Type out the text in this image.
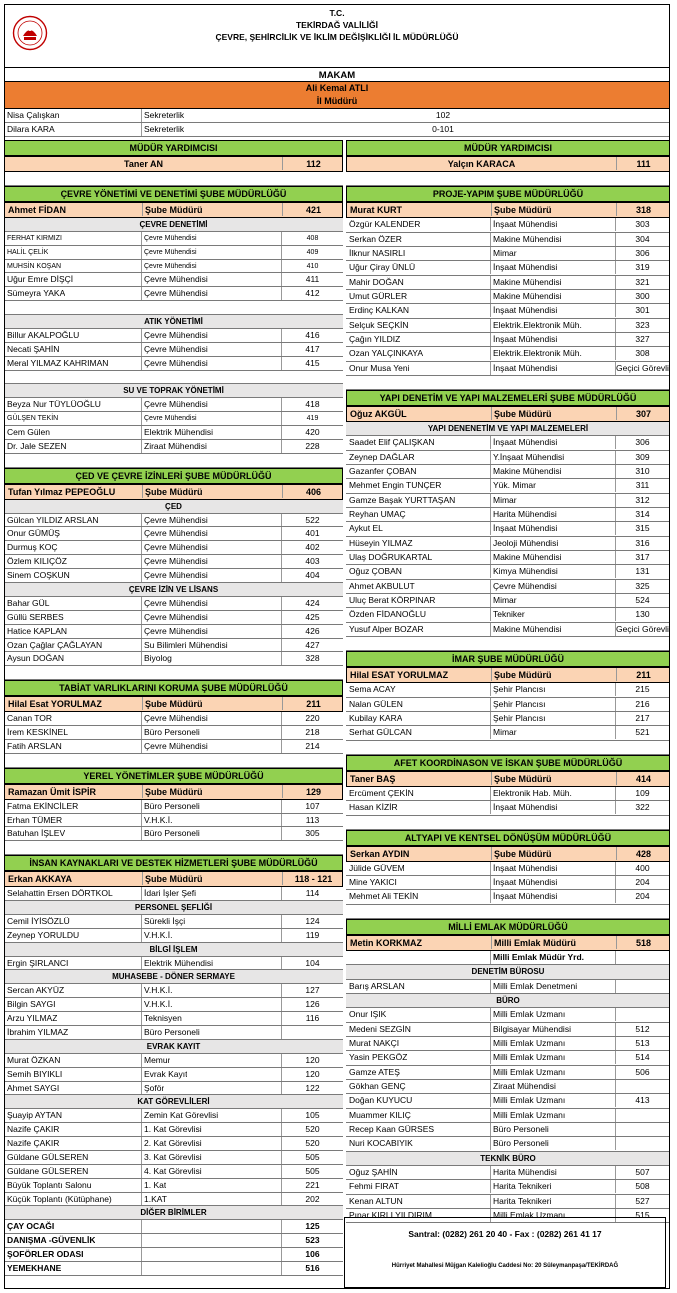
T.C.
TEKİRDAĞ VALİLİĞİ
ÇEVRE, ŞEHİRCİLİK VE İKLİM DEĞİŞİKLİĞİ İL MÜDÜRLÜĞÜ
MAKAM
Ali Kemal ATLI
İl Müdürü
Nisa Çalışkan	Sekreterlik	102
Dilara KARA	Sekreterlik	0-101
MÜDÜR YARDIMCISI
Taner AN	112
ÇEVRE YÖNETİMİ VE DENETİMİ ŞUBE MÜDÜRLÜĞÜ
Ahmet FİDAN	Şube Müdürü	421
ÇEVRE DENETİMİ
FERHAT KIRMIZI	Çevre Mühendisi	408
HALİL ÇELİK	Çevre Mühendisi	409
MUHSİN KOŞAN	Çevre Mühendisi	410
Uğur Emre DİŞÇİ	Çevre Mühendisi	411
Sümeyra YAKA	Çevre Mühendisi	412
ATIK YÖNETİMİ
Billur AKALPOĞLU	Çevre Mühendisi	416
Necati ŞAHİN	Çevre Mühendisi	417
Meral YILMAZ KAHRIMAN	Çevre Mühendisi	415
SU VE TOPRAK YÖNETİMİ
Beyza Nur TÜYLÜOĞLU	Çevre Mühendisi	418
GÜLŞEN TEKİN	Çevre Mühendisi	419
Cem Gülen	Elektrik Mühendisi	420
Dr. Jale SEZEN	Ziraat Mühendisi	228
ÇED VE ÇEVRE İZİNLERİ ŞUBE MÜDÜRLÜĞÜ
Tufan Yılmaz PEPEOĞLU	Şube Müdürü	406
ÇED
Gülcan YILDIZ ARSLAN	Çevre Mühendisi	522
Onur GÜMÜŞ	Çevre Mühendisi	401
Durmuş KOÇ	Çevre Mühendisi	402
Özlem KILIÇÖZ	Çevre Mühendisi	403
Sinem COŞKUN	Çevre Mühendisi	404
ÇEVRE İZİN VE LİSANS
Bahar GÜL	Çevre Mühendisi	424
Güllü SERBES	Çevre Mühendisi	425
Hatice KAPLAN	Çevre Mühendisi	426
Ozan Çağlar ÇAĞLAYAN	Su Bilimleri Mühendisi	427
Aysun DOĞAN	Biyolog	328
TABİAT VARLIKLARINI KORUMA ŞUBE MÜDÜRLÜĞÜ
Hilal Esat YORULMAZ	Şube Müdürü	211
Canan TOR	Çevre Mühendisi	220
İrem KESKİNEL	Büro Personeli	218
Fatih ARSLAN	Çevre Mühendisi	214
YEREL YÖNETİMLER ŞUBE MÜDÜRLÜĞÜ
Ramazan Ümit İSPİR	Şube Müdürü	129
Fatma EKİNCİLER	Büro Personeli	107
Erhan TÜMER	V.H.K.İ.	113
Batuhan İŞLEV	Büro Personeli	305
İNSAN KAYNAKLARI VE DESTEK HİZMETLERİ ŞUBE MÜDÜRLÜĞÜ
Erkan AKKAYA	Şube Müdürü	118 - 121
Selahattin Ersen DÖRTKOL	İdari İşler Şefi	114
PERSONEL ŞEFLİĞİ
Cemil İYİSÖZLÜ	Sürekli İşçi	124
Zeynep YORULDU	V.H.K.İ.	119
BİLGİ İŞLEM
Ergin ŞIRLANCI	Elektrik Mühendisi	104
MUHASEBE - DÖNER SERMAYE
Sercan AKYÜZ	V.H.K.İ.	127
Bilgin SAYGI	V.H.K.İ.	126
Arzu YILMAZ	Teknisyen	116
İbrahim YILMAZ	Büro Personeli
EVRAK KAYIT
Murat ÖZKAN	Memur	120
Semih BIYIKLI	Evrak Kayıt	120
Ahmet SAYGI	Şoför	122
KAT GÖREVLİLERİ
Şuayip AYTAN	Zemin Kat Görevlisi	105
Nazife ÇAKIR	1. Kat Görevlisi	520
Nazife ÇAKIR	2. Kat Görevlisi	520
Güldane GÜLSEREN	3. Kat Görevlisi	505
Güldane GÜLSEREN	4. Kat Görevlisi	505
Büyük Toplantı Salonu	1. Kat	221
Küçük Toplantı (Kütüphane)	1.KAT	202
DİĞER BİRİMLER
ÇAY OCAĞI	125
DANIŞMA -GÜVENLİK	523
ŞOFÖRLER ODASI	106
YEMEKHANE	516
MÜDÜR YARDIMCISI
Yalçın KARACA	111
PROJE-YAPIM ŞUBE MÜDÜRLÜĞÜ
Murat KURT	Şube Müdürü	318
Özgür KALENDER	İnşaat Mühendisi	303
Serkan ÖZER	Makine Mühendisi	304
İlknur NASIRLI	Mimar	306
Uğur Çiray ÜNLÜ	İnşaat Mühendisi	319
Mahir DOĞAN	Makine Mühendisi	321
Umut GÜRLER	Makine Mühendisi	300
Erdinç KALKAN	İnşaat Mühendisi	301
Selçuk SEÇKİN	Elektrik.Elektronik Müh.	323
Çağın YILDIZ	İnşaat Mühendisi	327
Ozan YALÇINKAYA	Elektrik.Elektronik Müh.	308
Onur Musa Yeni	İnşaat Mühendisi	Geçici Görevli
YAPI DENETİM VE YAPI MALZEMELERİ ŞUBE MÜDÜRLÜĞÜ
Oğuz AKGÜL	Şube Müdürü	307
YAPI DENENETİM VE YAPI MALZEMELERİ
Saadet Elif ÇALIŞKAN	İnşaat Mühendisi	306
Zeynep DAĞLAR	Y.İnşaat Mühendisi	309
Gazanfer ÇOBAN	Makine Mühendisi	310
Mehmet Engin TUNÇER	Yük. Mimar	311
Gamze Başak YURTTAŞAN	Mimar	312
Reyhan UMAÇ	Harita Mühendisi	314
Aykut EL	İnşaat Mühendisi	315
Hüseyin YILMAZ	Jeoloji Mühendisi	316
Ulaş DOĞRUKARTAL	Makine Mühendisi	317
Oğuz ÇOBAN	Kimya Mühendisi	131
Ahmet AKBULUT	Çevre Mühendisi	325
Uluç Berat KÖRPINAR	Mimar	524
Özden FİDANOĞLU	Tekniker	130
Yusuf Alper BOZAR	Makine Mühendisi	Geçici Görevli
İMAR ŞUBE MÜDÜRLÜĞÜ
Hilal ESAT YORULMAZ	Şube Müdürü	211
Sema ACAY	Şehir Plancısı	215
Nalan GÜLEN	Şehir Plancısı	216
Kubilay KARA	Şehir Plancısı	217
Serhat GÜLCAN	Mimar	521
AFET KOORDİNASON VE İSKAN ŞUBE MÜDÜRLÜĞÜ
Taner BAŞ	Şube Müdürü	414
Ercüment ÇEKİN	Elektronik Hab. Müh.	109
Hasan KİZİR	İnşaat Mühendisi	322
ALTYAPI VE KENTSEL DÖNÜŞÜM MÜDÜRLÜĞÜ
Serkan AYDIN	Şube Müdürü	428
Jülide GÜVEM	İnşaat Mühendisi	400
Mine YAKICI	İnşaat Mühendisi	204
Mehmet Ali TEKİN	İnşaat Mühendisi	204
MİLLİ EMLAK MÜDÜRLÜĞÜ
Metin KORKMAZ	Milli Emlak Müdürü	518
Milli Emlak Müdür Yrd.
DENETİM BÜROSU
Barış ARSLAN	Milli Emlak Denetmeni
BÜRO
Onur IŞIK	Milli Emlak Uzmanı
Medeni SEZGİN	Bilgisayar Mühendisi	512
Murat NAKÇI	Milli Emlak Uzmanı	513
Yasin PEKGÖZ	Milli Emlak Uzmanı	514
Gamze ATEŞ	Milli Emlak Uzmanı	506
Gökhan GENÇ	Ziraat Mühendisi
Doğan KUYUCU	Milli Emlak Uzmanı	413
Muammer KILIÇ	Milli Emlak Uzmanı
Recep Kaan GÜRSES	Büro Personeli
Nuri KOCABIYIK	Büro Personeli
TEKNİK BÜRO
Oğuz ŞAHİN	Harita Mühendisi	507
Fehmi FIRAT	Harita Teknikeri	508
Kenan ALTUN	Harita Teknikeri	527
Pınar KIRLI YILDIRIM	Milli Emlak Uzmanı	515
Santral: (0282) 261 20 40 - Fax : (0282) 261 41 17
Hürriyet Mahallesi Müjgan Kalelioğlu Caddesi No: 20 Süleymanpaşa/TEKİRDAĞ
